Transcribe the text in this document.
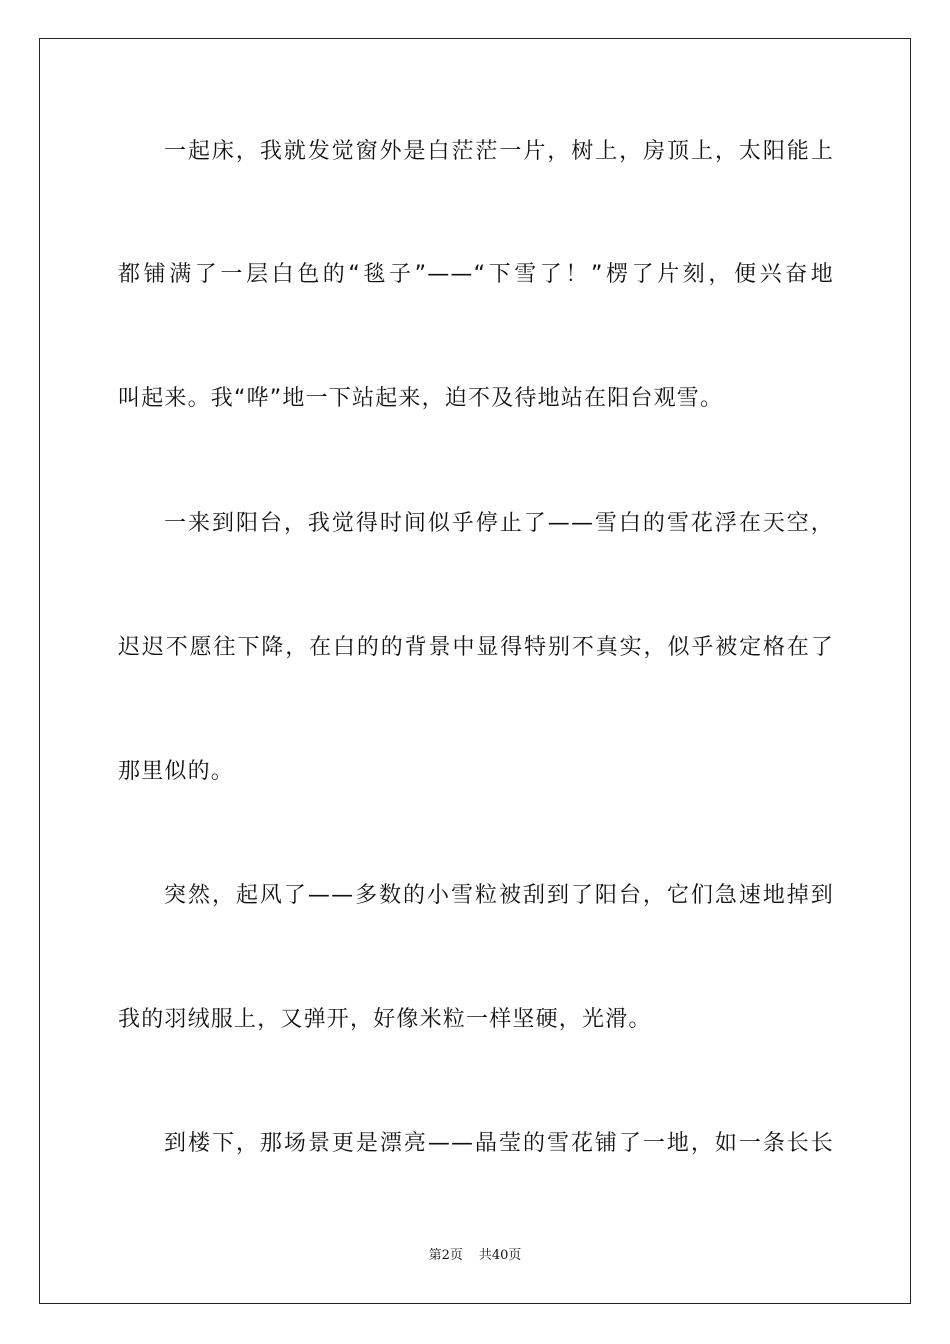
一起床，我就发觉窗外是白茫茫一片，树上，房顶上，太阳能上
都铺满了一层白色的“毯子”——“下雪了！”楞了片刻，便兴奋地
叫起来。我“哗”地一下站起来，迫不及待地站在阳台观雪。
一来到阳台，我觉得时间似乎停止了——雪白的雪花浮在天空，
迟迟不愿往下降，在白的的背景中显得特别不真实，似乎被定格在了
那里似的。
突然，起风了——多数的小雪粒被刮到了阳台，它们急速地掉到
我的羽绒服上，又弹开，好像米粒一样坚硬，光滑。
到楼下，那场景更是漂亮——晶莹的雪花铺了一地，如一条长长
第2页 共40页
